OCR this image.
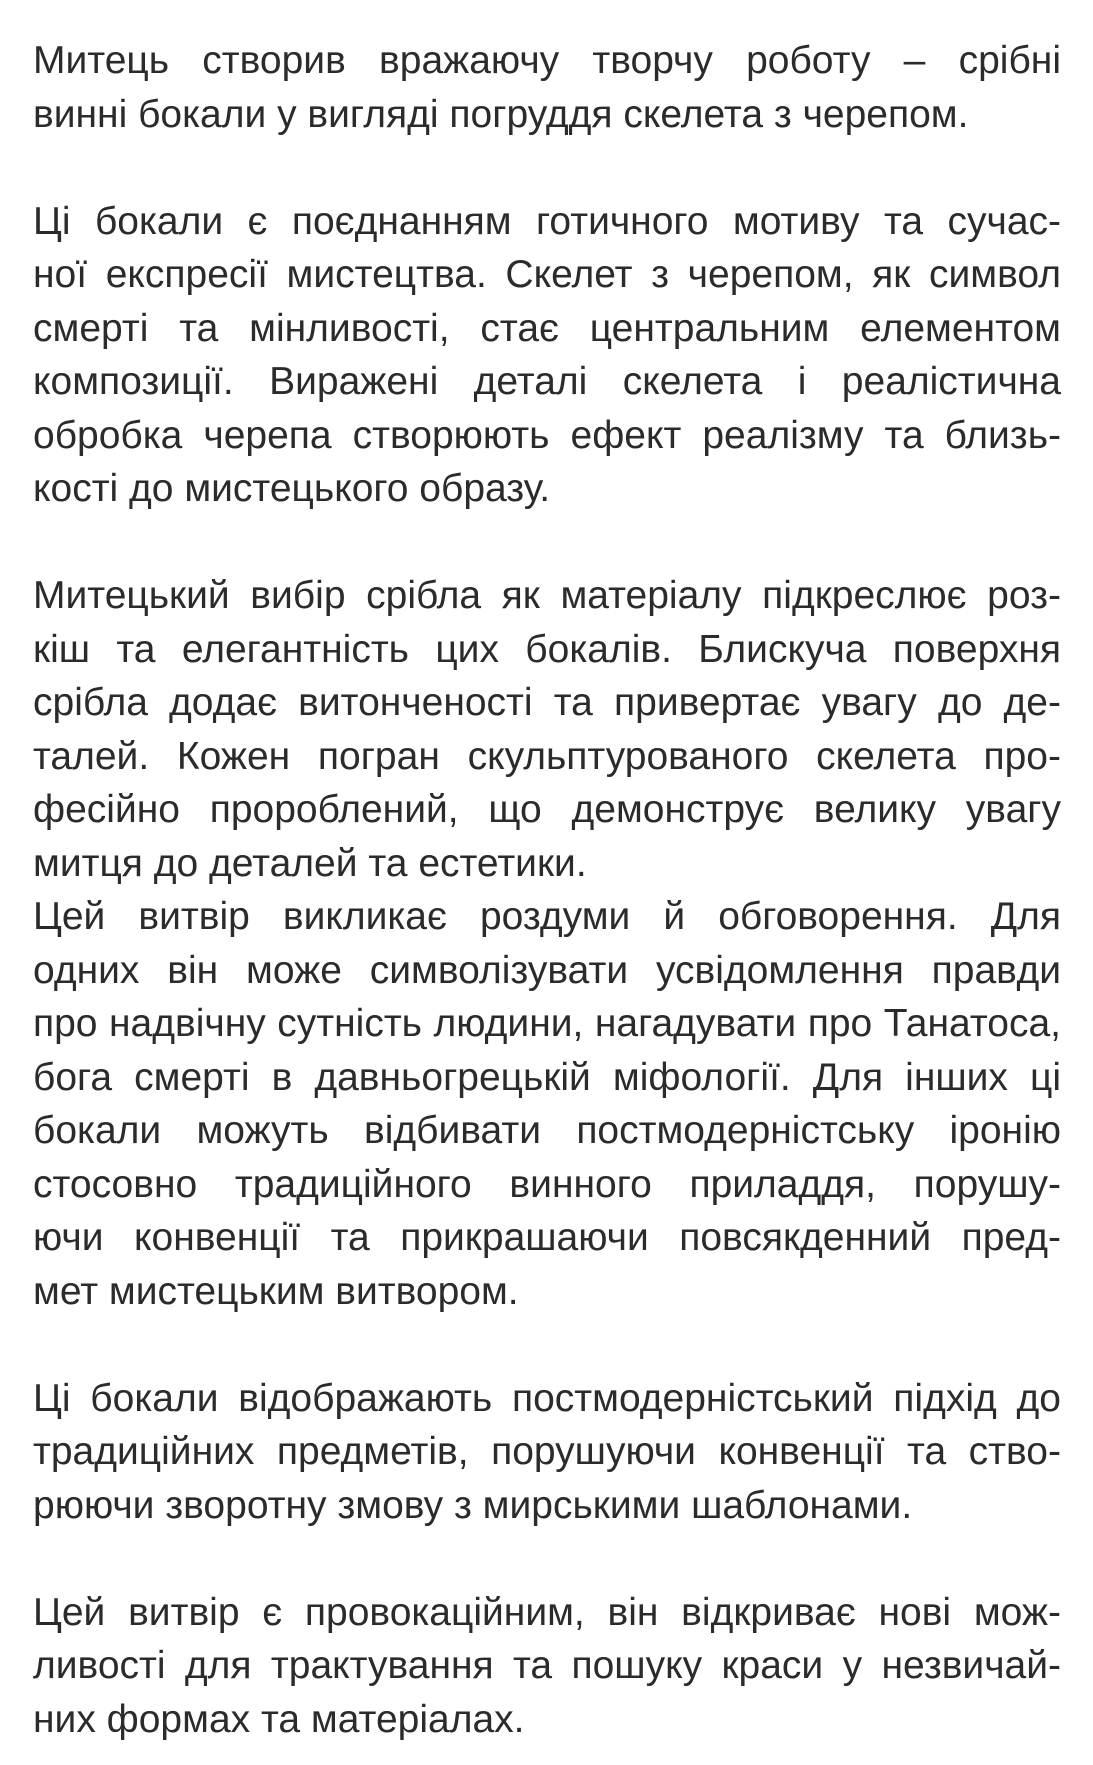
Митець створив вражаючу творчу роботу – срібні
винні бокали у вигляді погруддя скелета з черепом.
Ці бокали є поєднанням готичного мотиву та сучас-
ної експресії мистецтва. Скелет з черепом, як символ
смерті та мінливості, стає центральним елементом
композиції. Виражені деталі скелета і реалістична
обробка черепа створюють ефект реалізму та близь-
кості до мистецького образу.
Митецький вибір срібла як матеріалу підкреслює роз-
кіш та елегантність цих бокалів. Блискуча поверхня
срібла додає витонченості та привертає увагу до де-
талей. Кожен погран скульптурованого скелета про-
фесійно пророблений, що демонструє велику увагу
митця до деталей та естетики.
Цей витвір викликає роздуми й обговорення. Для
одних він може символізувати усвідомлення правди
про надвічну сутність людини, нагадувати про Танатоса,
бога смерті в давньогрецькій міфології. Для інших ці
бокали можуть відбивати постмодерністську іронію
стосовно традиційного винного приладдя, порушу-
ючи конвенції та прикрашаючи повсякденний пред-
мет мистецьким витвором.
Ці бокали відображають постмодерністський підхід до
традиційних предметів, порушуючи конвенції та ство-
рюючи зворотну змову з мирськими шаблонами.
Цей витвір є провокаційним, він відкриває нові мож-
ливості для трактування та пошуку краси у незвичай-
них формах та матеріалах.
